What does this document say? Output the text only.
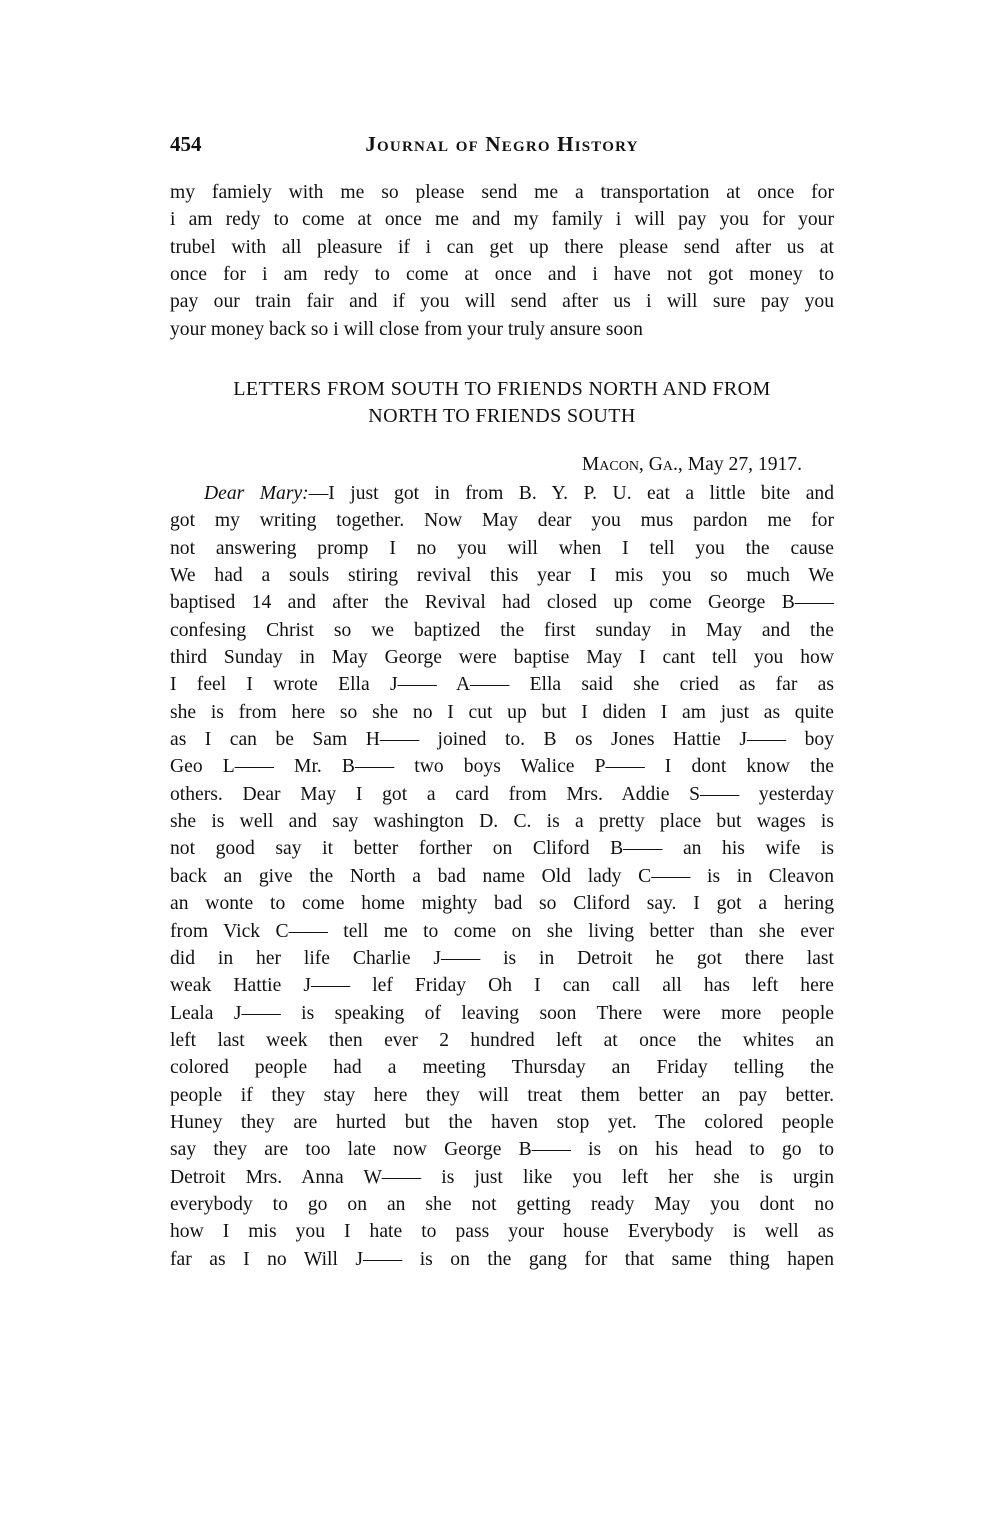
454	Journal of Negro History

my famiely with me so please send me a transportation at once for

i am redy to come at once me and my family i will pay you for your

trubel with all pleasure if i can get up there please send after us at

once for i am redy to come at once and i have not got money to

pay our train fair and if you will send after us i will sure pay you

your money back so i will close from your truly ansure soon

LETTERS FROM SOUTH TO FRIENDS NORTH AND FROM

NORTH TO FRIENDS SOUTH

Macon, Ga., May 27, 1917.

Dear Mary:—I just got in from B. Y. P. U. eat a little bite and

got my writing together. Now May dear you mus pardon me for

not answering promp I no you will when I tell you the cause

We had a souls stiring revival this year I mis you so much We

baptised 14 and after the Revival had closed up come George B——

confesing Christ so we baptized the first sunday in May and the

third Sunday in May George were baptise May I cant tell you how

I feel I wrote Ella J—— A—— Ella said she cried as far as

she is from here so she no I cut up but I diden I am just as quite

as I can be Sam H—— joined to. B os Jones Hattie J—— boy

Geo L—— Mr. B—— two boys Walice P—— I dont know the

others. Dear May I got a card from Mrs. Addie S—— yesterday

she is well and say washington D. C. is a pretty place but wages is

not good say it better forther on Cliford B—— an his wife is

back an give the North a bad name Old lady C—— is in Cleavon

an wonte to come home mighty bad so Cliford say. I got a hering

from Vick C—— tell me to come on she living better than she ever

did in her life Charlie J—— is in Detroit he got there last

weak Hattie J—— lef Friday Oh I can call all has left here

Leala J—— is speaking of leaving soon There were more people

left last week then ever 2 hundred left at once the whites an

colored people had a meeting Thursday an Friday telling the

people if they stay here they will treat them better an pay better.

Huney they are hurted but the haven stop yet. The colored people

say they are too late now George B—— is on his head to go to

Detroit Mrs. Anna W—— is just like you left her she is urgin

everybody to go on an she not getting ready May you dont no

how I mis you I hate to pass your house Everybody is well as

far as I no Will J—— is on the gang for that same thing hapen
